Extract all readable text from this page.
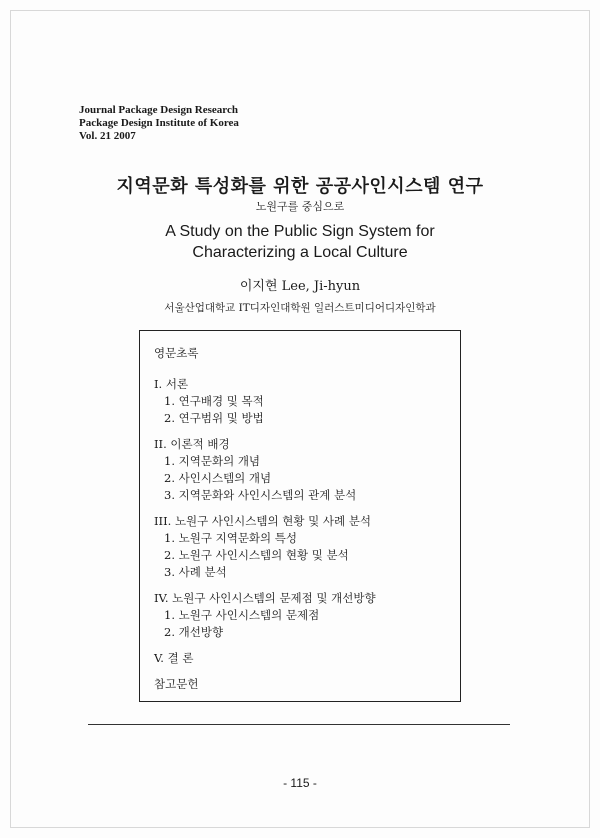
Journal Package Design Research
Package Design Institute of Korea
Vol. 21 2007
지역문화 특성화를 위한 공공사인시스템 연구
노원구를 중심으로
A Study on the Public Sign System for
Characterizing a Local Culture
이지현 Lee, Ji-hyun
서울산업대학교 IT디자인대학원 일러스트미디어디자인학과
영문초록
I. 서론
1. 연구배경 및 목적
2. 연구범위 및 방법
II. 이론적 배경
1. 지역문화의 개념
2. 사인시스템의 개념
3. 지역문화와 사인시스템의 관계 분석
III. 노원구 사인시스템의 현황 및 사례 분석
1. 노원구 지역문화의 특성
2. 노원구 사인시스템의 현황 및 분석
3. 사례 분석
IV. 노원구 사인시스템의 문제점 및 개선방향
1. 노원구 사인시스템의 문제점
2. 개선방향
V. 결 론
참고문헌
- 115 -
